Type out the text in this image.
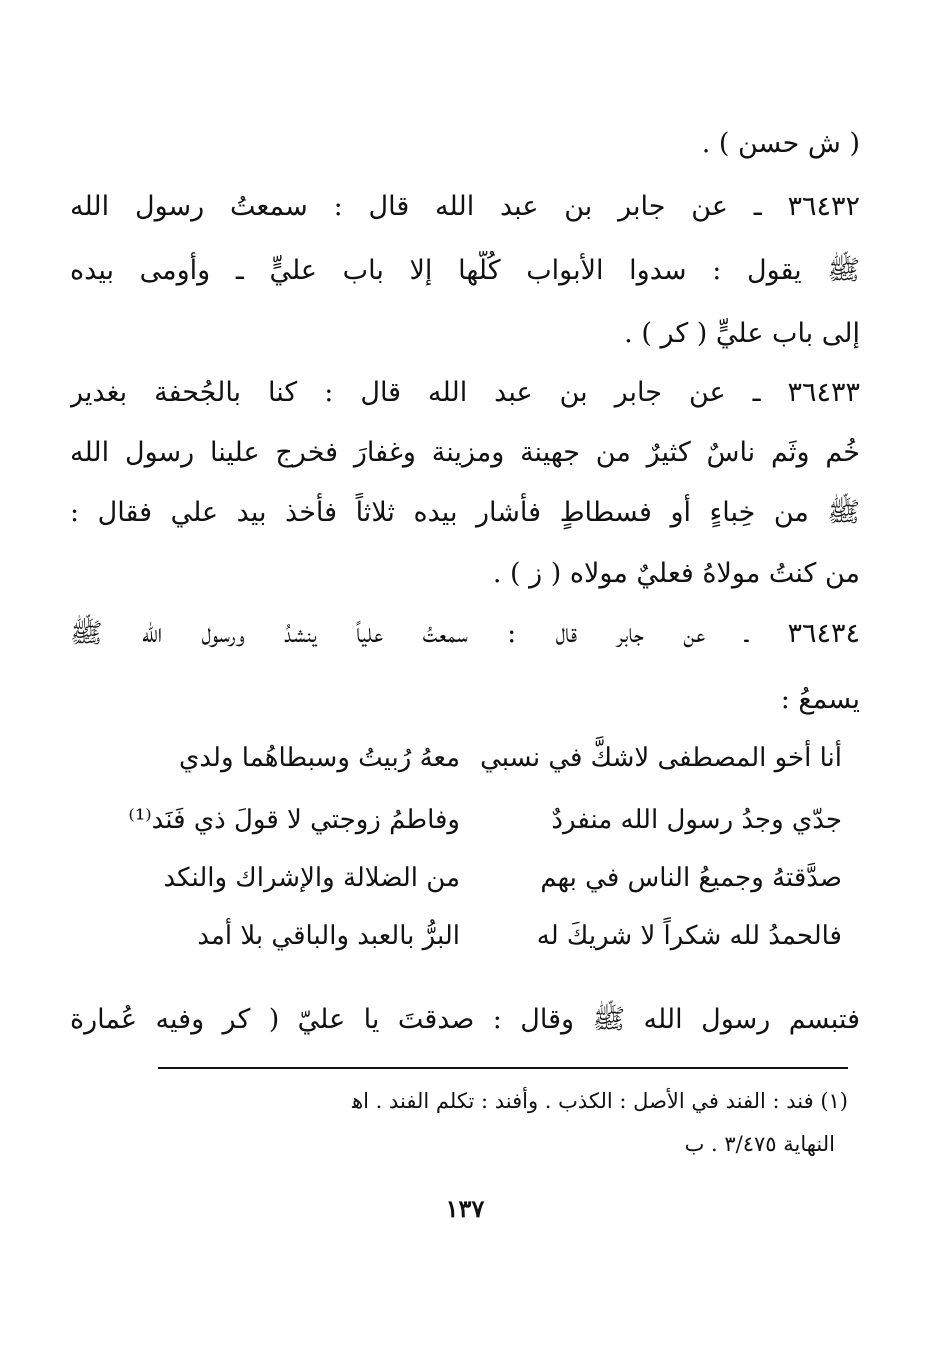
( ش حسن ) .
٣٦٤٣٢ ـ عن جابر بن عبد الله قال : سمعتُ رسول الله
ﷺ يقول : سدوا الأبواب كُلَّها إلا باب عليٍّ ـ وأومى بيده
إلى باب عليٍّ ( كر ) .
٣٦٤٣٣ ـ عن جابر بن عبد الله قال : كنا بالجُحفة بغدير
خُم وثَم ناسٌ كثيرٌ من جهينة ومزينة وغفارَ فخرج علينا رسول الله
ﷺ من خِباءٍ أو فسطاطٍ فأشار بيده ثلاثاً فأخذ بيد علي فقال :
من كنتُ مولاهُ فعليٌ مولاه ( ز ) .
٣٦٤٣٤ ـ عن جابر قال : سمعتُ علياً ينشدُ ورسول الله ﷺ
يسمعُ :
أنا أخو المصطفى لاشكَّ في نسبي
معهُ رُبيتُ وسبطاهُما ولدي
جدّي وجدُ رسول الله منفردٌ
وفاطمُ زوجتي لا قولَ ذي فَنَد⁽¹⁾
صدَّقتهُ وجميعُ الناس في بهم
من الضلالة والإشراك والنكد
فالحمدُ لله شكراً لا شريكَ له
البرُّ بالعبد والباقي بلا أمد
فتبسم رسول الله ﷺ وقال : صدقتَ يا عليّ ( كر وفيه عُمارة
(١) فند : الفند في الأصل : الكذب . وأفند : تكلم الفند . اﻫ
النهاية ٣/٤٧٥ . ب
١٣٧
